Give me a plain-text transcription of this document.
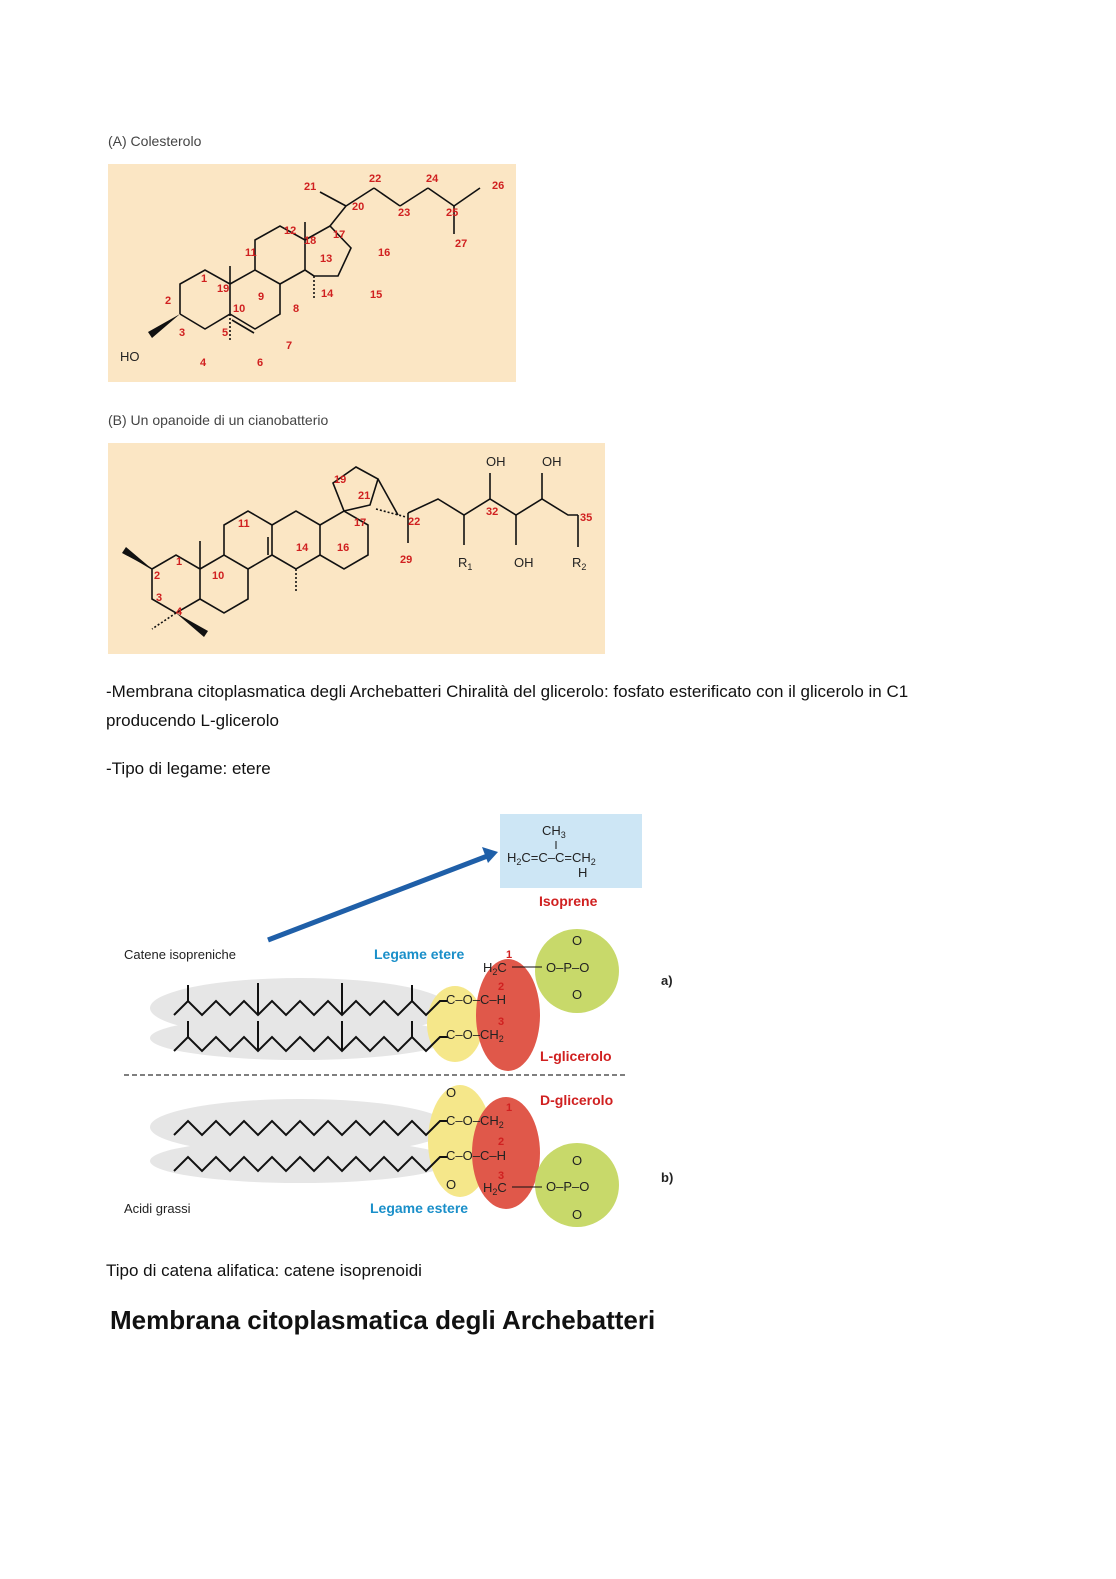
(A) Colesterolo
HO
1
2
3
4
5
6
7
8
9
10
11
12
13
14	15
16
17
18
19
20
21
22
23
24
25
26
27
(B) Un opanoide di un cianobatterio
OH	OH
OH
$R_1$	$R_2$
1
2
3
4
10
11
14	16
17
19
21
22
29
32	35
-Membrana citoplasmatica degli Archebatteri Chiralità del glicerolo: fosfato esterificato con il glicerolo in C1
producendo L-glicerolo
-Tipo di legame: etere
$CH_3$
$H_2C=C-C=CH_2$
H
Isoprene
Catene isopreniche	Legame etere
a)
$H_2C$
C–O–C–H
$C-O-CH_2$
O–P–O
O
O
1
2
3
L-glicerolo
D-glicerolo
O
$C-O-CH_2$
C–O–C–H
O $H_2C$	O–P–O
O
O
1
2
3	b)
Acidi grassi	Legame estere
Tipo di catena alifatica: catene isoprenoidi
Membrana citoplasmatica degli Archebatteri
